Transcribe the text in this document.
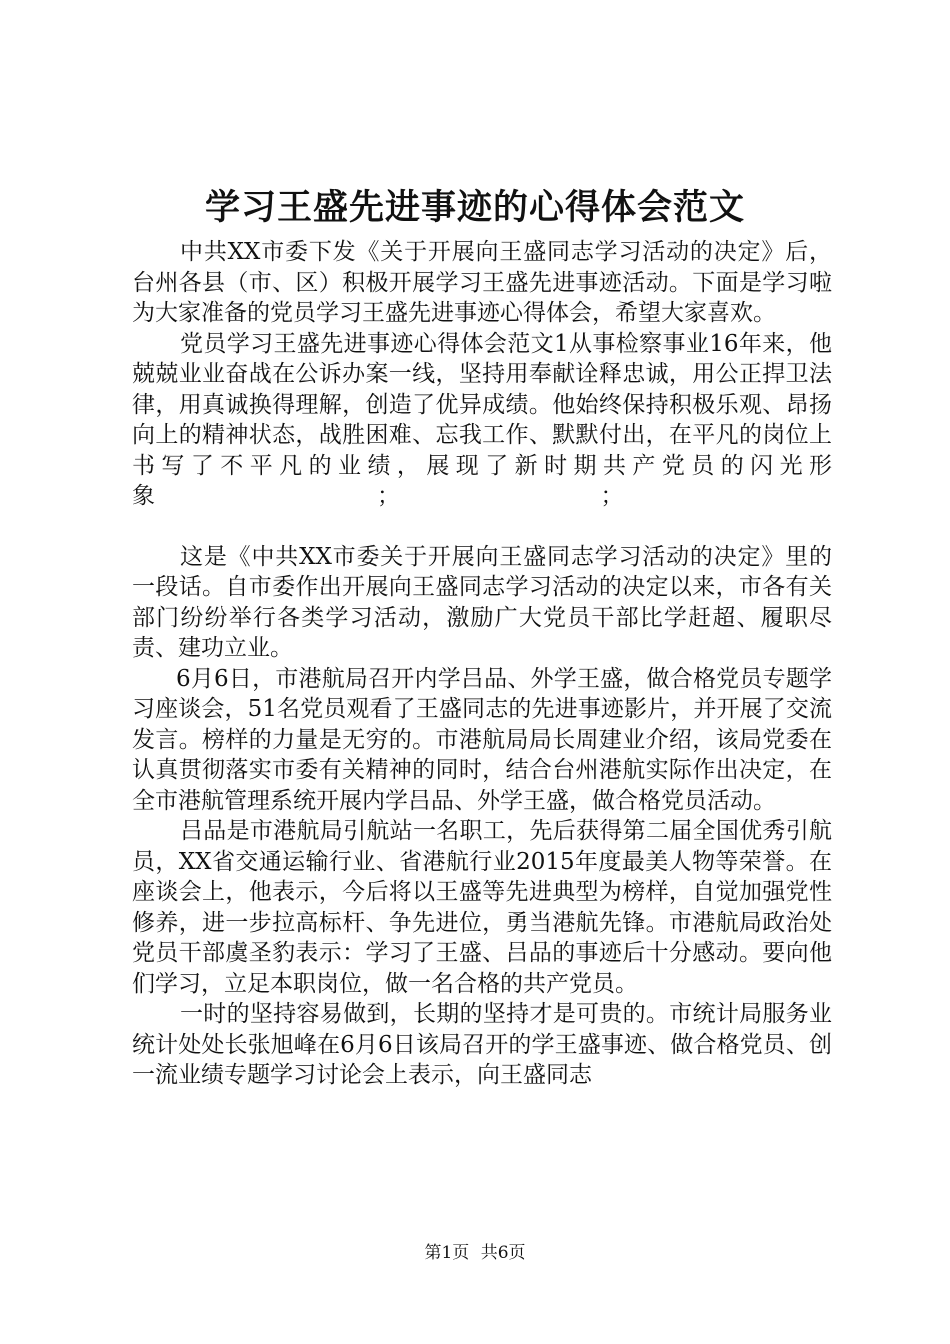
学习王盛先进事迹的心得体会范文

中共XX市委下发《关于开展向王盛同志学习活动的决定》后，台州各县（市、区）积极开展学习王盛先进事迹活动。下面是学习啦为大家准备的党员学习王盛先进事迹心得体会，希望大家喜欢。

党员学习王盛先进事迹心得体会范文1从事检察事业16年来，他兢兢业业奋战在公诉办案一线，坚持用奉献诠释忠诚，用公正捍卫法律，用真诚换得理解，创造了优异成绩。他始终保持积极乐观、昂扬向上的精神状态，战胜困难、忘我工作、默默付出，在平凡的岗位上书写了不平凡的业绩，展现了新时期共产党员的闪光形象	；	；

这是《中共XX市委关于开展向王盛同志学习活动的决定》里的一段话。自市委作出开展向王盛同志学习活动的决定以来，市各有关部门纷纷举行各类学习活动，激励广大党员干部比学赶超、履职尽责、建功立业。

6月6日，市港航局召开内学吕品、外学王盛，做合格党员专题学习座谈会，51名党员观看了王盛同志的先进事迹影片，并开展了交流发言。榜样的力量是无穷的。市港航局局长周建业介绍，该局党委在认真贯彻落实市委有关精神的同时，结合台州港航实际作出决定，在全市港航管理系统开展内学吕品、外学王盛，做合格党员活动。

吕品是市港航局引航站一名职工，先后获得第二届全国优秀引航员，XX省交通运输行业、省港航行业2015年度最美人物等荣誉。在座谈会上，他表示，今后将以王盛等先进典型为榜样，自觉加强党性修养，进一步拉高标杆、争先进位，勇当港航先锋。市港航局政治处党员干部虞圣豹表示：学习了王盛、吕品的事迹后十分感动。要向他们学习，立足本职岗位，做一名合格的共产党员。

一时的坚持容易做到，长期的坚持才是可贵的。市统计局服务业统计处处长张旭峰在6月6日该局召开的学王盛事迹、做合格党员、创一流业绩专题学习讨论会上表示，向王盛同志

第1页 共6页
